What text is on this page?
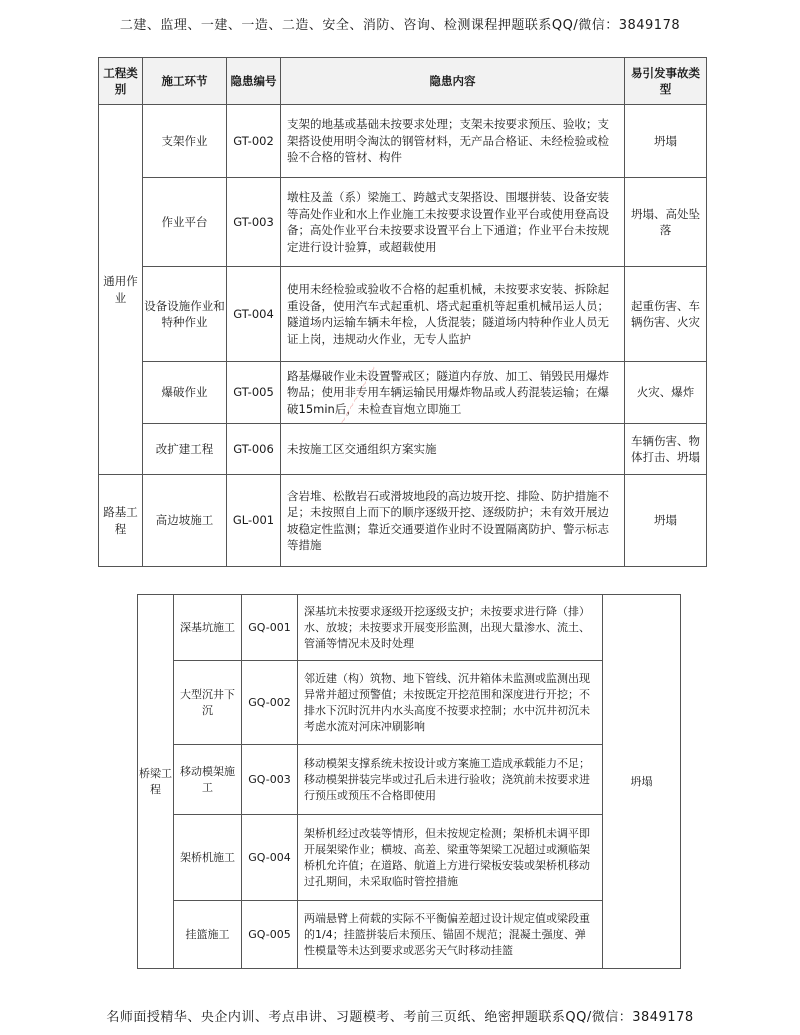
二建、监理、一建、一造、二造、安全、消防、咨询、检测课程押题联系QQ/微信：3849178
工程类别	施工环节	隐患编号	隐患内容	易引发事故类型
通用作业	支架作业	GT-002	支架的地基或基础未按要求处理；支架未按要求预压、验收；支架搭设使用明令淘汰的钢管材料，无产品合格证、未经检验或检验不合格的管材、构件	坍塌
	作业平台	GT-003	墩柱及盖（系）梁施工、跨越式支架搭设、围堰拼装、设备安装等高处作业和水上作业施工未按要求设置作业平台或使用登高设备；高处作业平台未按要求设置平台上下通道；作业平台未按规定进行设计验算，或超载使用	坍塌、高处坠落
	设备设施作业和特种作业	GT-004	使用未经检验或验收不合格的起重机械，未按要求安装、拆除起重设备，使用汽车式起重机、塔式起重机等起重机械吊运人员；隧道场内运输车辆未年检，人货混装；隧道场内特种作业人员无证上岗，违规动火作业，无专人监护	起重伤害、车辆伤害、火灾
	爆破作业	GT-005	路基爆破作业未设置警戒区；隧道内存放、加工、销毁民用爆炸物品；使用非专用车辆运输民用爆炸物品或人药混装运输；在爆破15min后，未检查盲炮立即施工	火灾、爆炸
	改扩建工程	GT-006	未按施工区交通组织方案实施	车辆伤害、物体打击、坍塌
路基工程	高边坡施工	GL-001	含岩堆、松散岩石或滑坡地段的高边坡开挖、排险、防护措施不足；未按照自上而下的顺序逐级开挖、逐级防护；未有效开展边坡稳定性监测；靠近交通要道作业时不设置隔离防护、警示标志等措施	坍塌
桥梁工程	深基坑施工	GQ-001	深基坑未按要求逐级开挖逐级支护；未按要求进行降（排）水、放坡；未按要求开展变形监测，出现大量渗水、流土、管涌等情况未及时处理	坍塌
	大型沉井下沉	GQ-002	邻近建（构）筑物、地下管线、沉井箱体未监测或监测出现异常并超过预警值；未按既定开挖范围和深度进行开挖；不排水下沉时沉井内水头高度不按要求控制；水中沉井初沉未考虑水流对河床冲刷影响	
	移动模架施工	GQ-003	移动模架支撑系统未按设计或方案施工造成承载能力不足；移动模架拼装完毕或过孔后未进行验收；浇筑前未按要求进行预压或预压不合格即使用	
	架桥机施工	GQ-004	架桥机经过改装等情形，但未按规定检测；架桥机未调平即开展架梁作业；横坡、高差、梁重等架梁工况超过或濒临架桥机允许值；在道路、航道上方进行梁板安装或架桥机移动过孔期间，未采取临时管控措施	
	挂篮施工	GQ-005	两端悬臂上荷载的实际不平衡偏差超过设计规定值或梁段重的1/4；挂篮拼装后未预压、锚固不规范；混凝土强度、弹性模量等未达到要求或恶劣天气时移动挂篮	
~~~~~~~~
名师面授精华、央企内训、考点串讲、习题模考、考前三页纸、绝密押题联系QQ/微信：3849178
